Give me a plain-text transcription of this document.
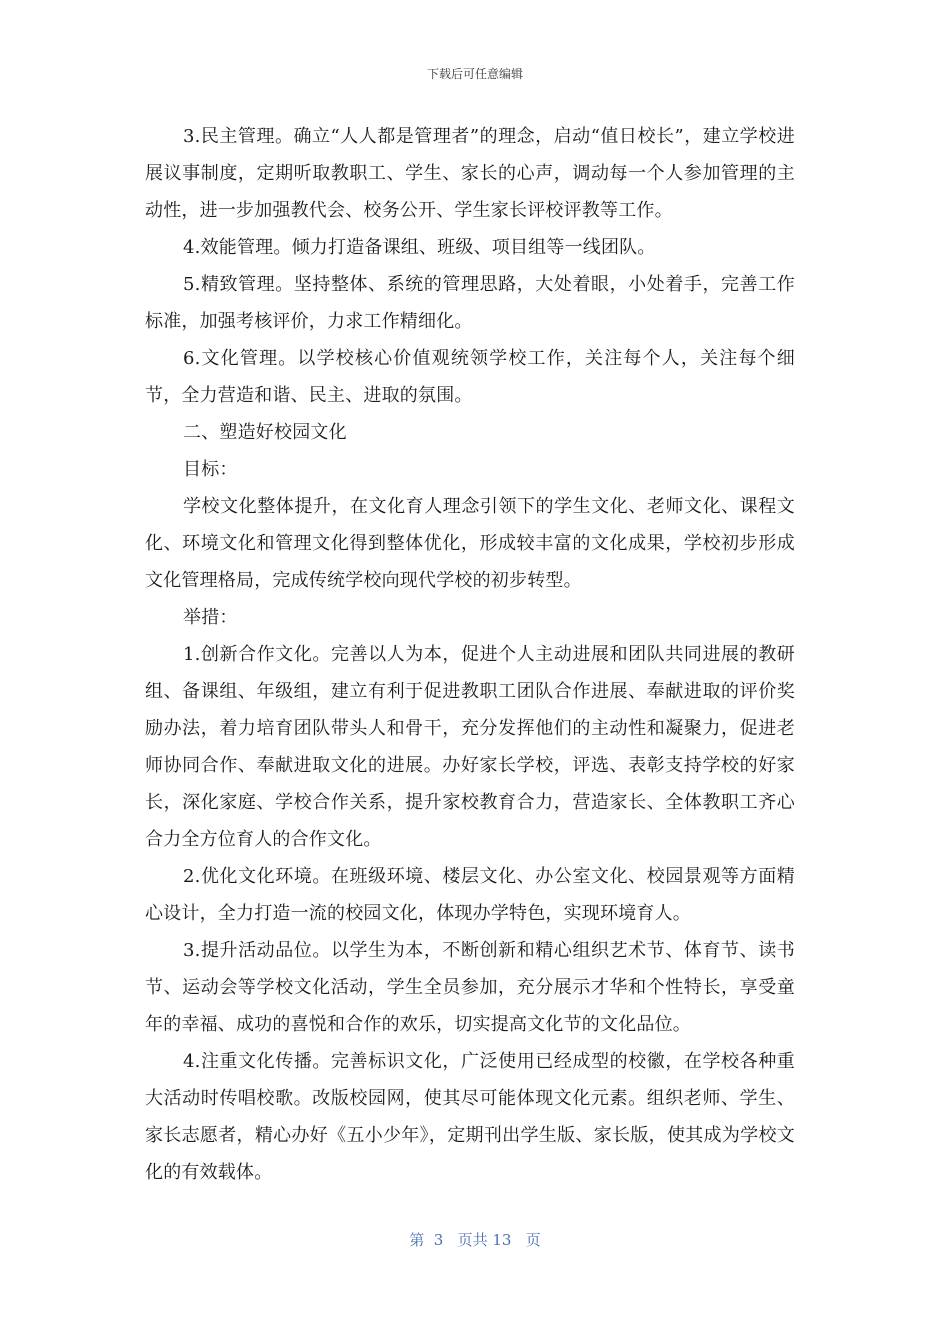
下载后可任意编辑

3.民主管理。确立“人人都是管理者”的理念，启动“值日校长”，建立学校进展议事制度，定期听取教职工、学生、家长的心声，调动每一个人参加管理的主动性，进一步加强教代会、校务公开、学生家长评校评教等工作。

4.效能管理。倾力打造备课组、班级、项目组等一线团队。

5.精致管理。坚持整体、系统的管理思路，大处着眼，小处着手，完善工作标准，加强考核评价，力求工作精细化。

6.文化管理。以学校核心价值观统领学校工作，关注每个人，关注每个细节，全力营造和谐、民主、进取的氛围。

二、塑造好校园文化

目标：

学校文化整体提升，在文化育人理念引领下的学生文化、老师文化、课程文化、环境文化和管理文化得到整体优化，形成较丰富的文化成果，学校初步形成文化管理格局，完成传统学校向现代学校的初步转型。

举措：

1.创新合作文化。完善以人为本，促进个人主动进展和团队共同进展的教研组、备课组、年级组，建立有利于促进教职工团队合作进展、奉献进取的评价奖励办法，着力培育团队带头人和骨干，充分发挥他们的主动性和凝聚力，促进老师协同合作、奉献进取文化的进展。办好家长学校，评选、表彰支持学校的好家长，深化家庭、学校合作关系，提升家校教育合力，营造家长、全体教职工齐心合力全方位育人的合作文化。

2.优化文化环境。在班级环境、楼层文化、办公室文化、校园景观等方面精心设计，全力打造一流的校园文化，体现办学特色，实现环境育人。

3.提升活动品位。以学生为本，不断创新和精心组织艺术节、体育节、读书节、运动会等学校文化活动，学生全员参加，充分展示才华和个性特长，享受童年的幸福、成功的喜悦和合作的欢乐，切实提高文化节的文化品位。

4.注重文化传播。完善标识文化，广泛使用已经成型的校徽，在学校各种重大活动时传唱校歌。改版校园网，使其尽可能体现文化元素。组织老师、学生、家长志愿者，精心办好《五小少年》，定期刊出学生版、家长版，使其成为学校文化的有效载体。

第  3   页共 13   页
